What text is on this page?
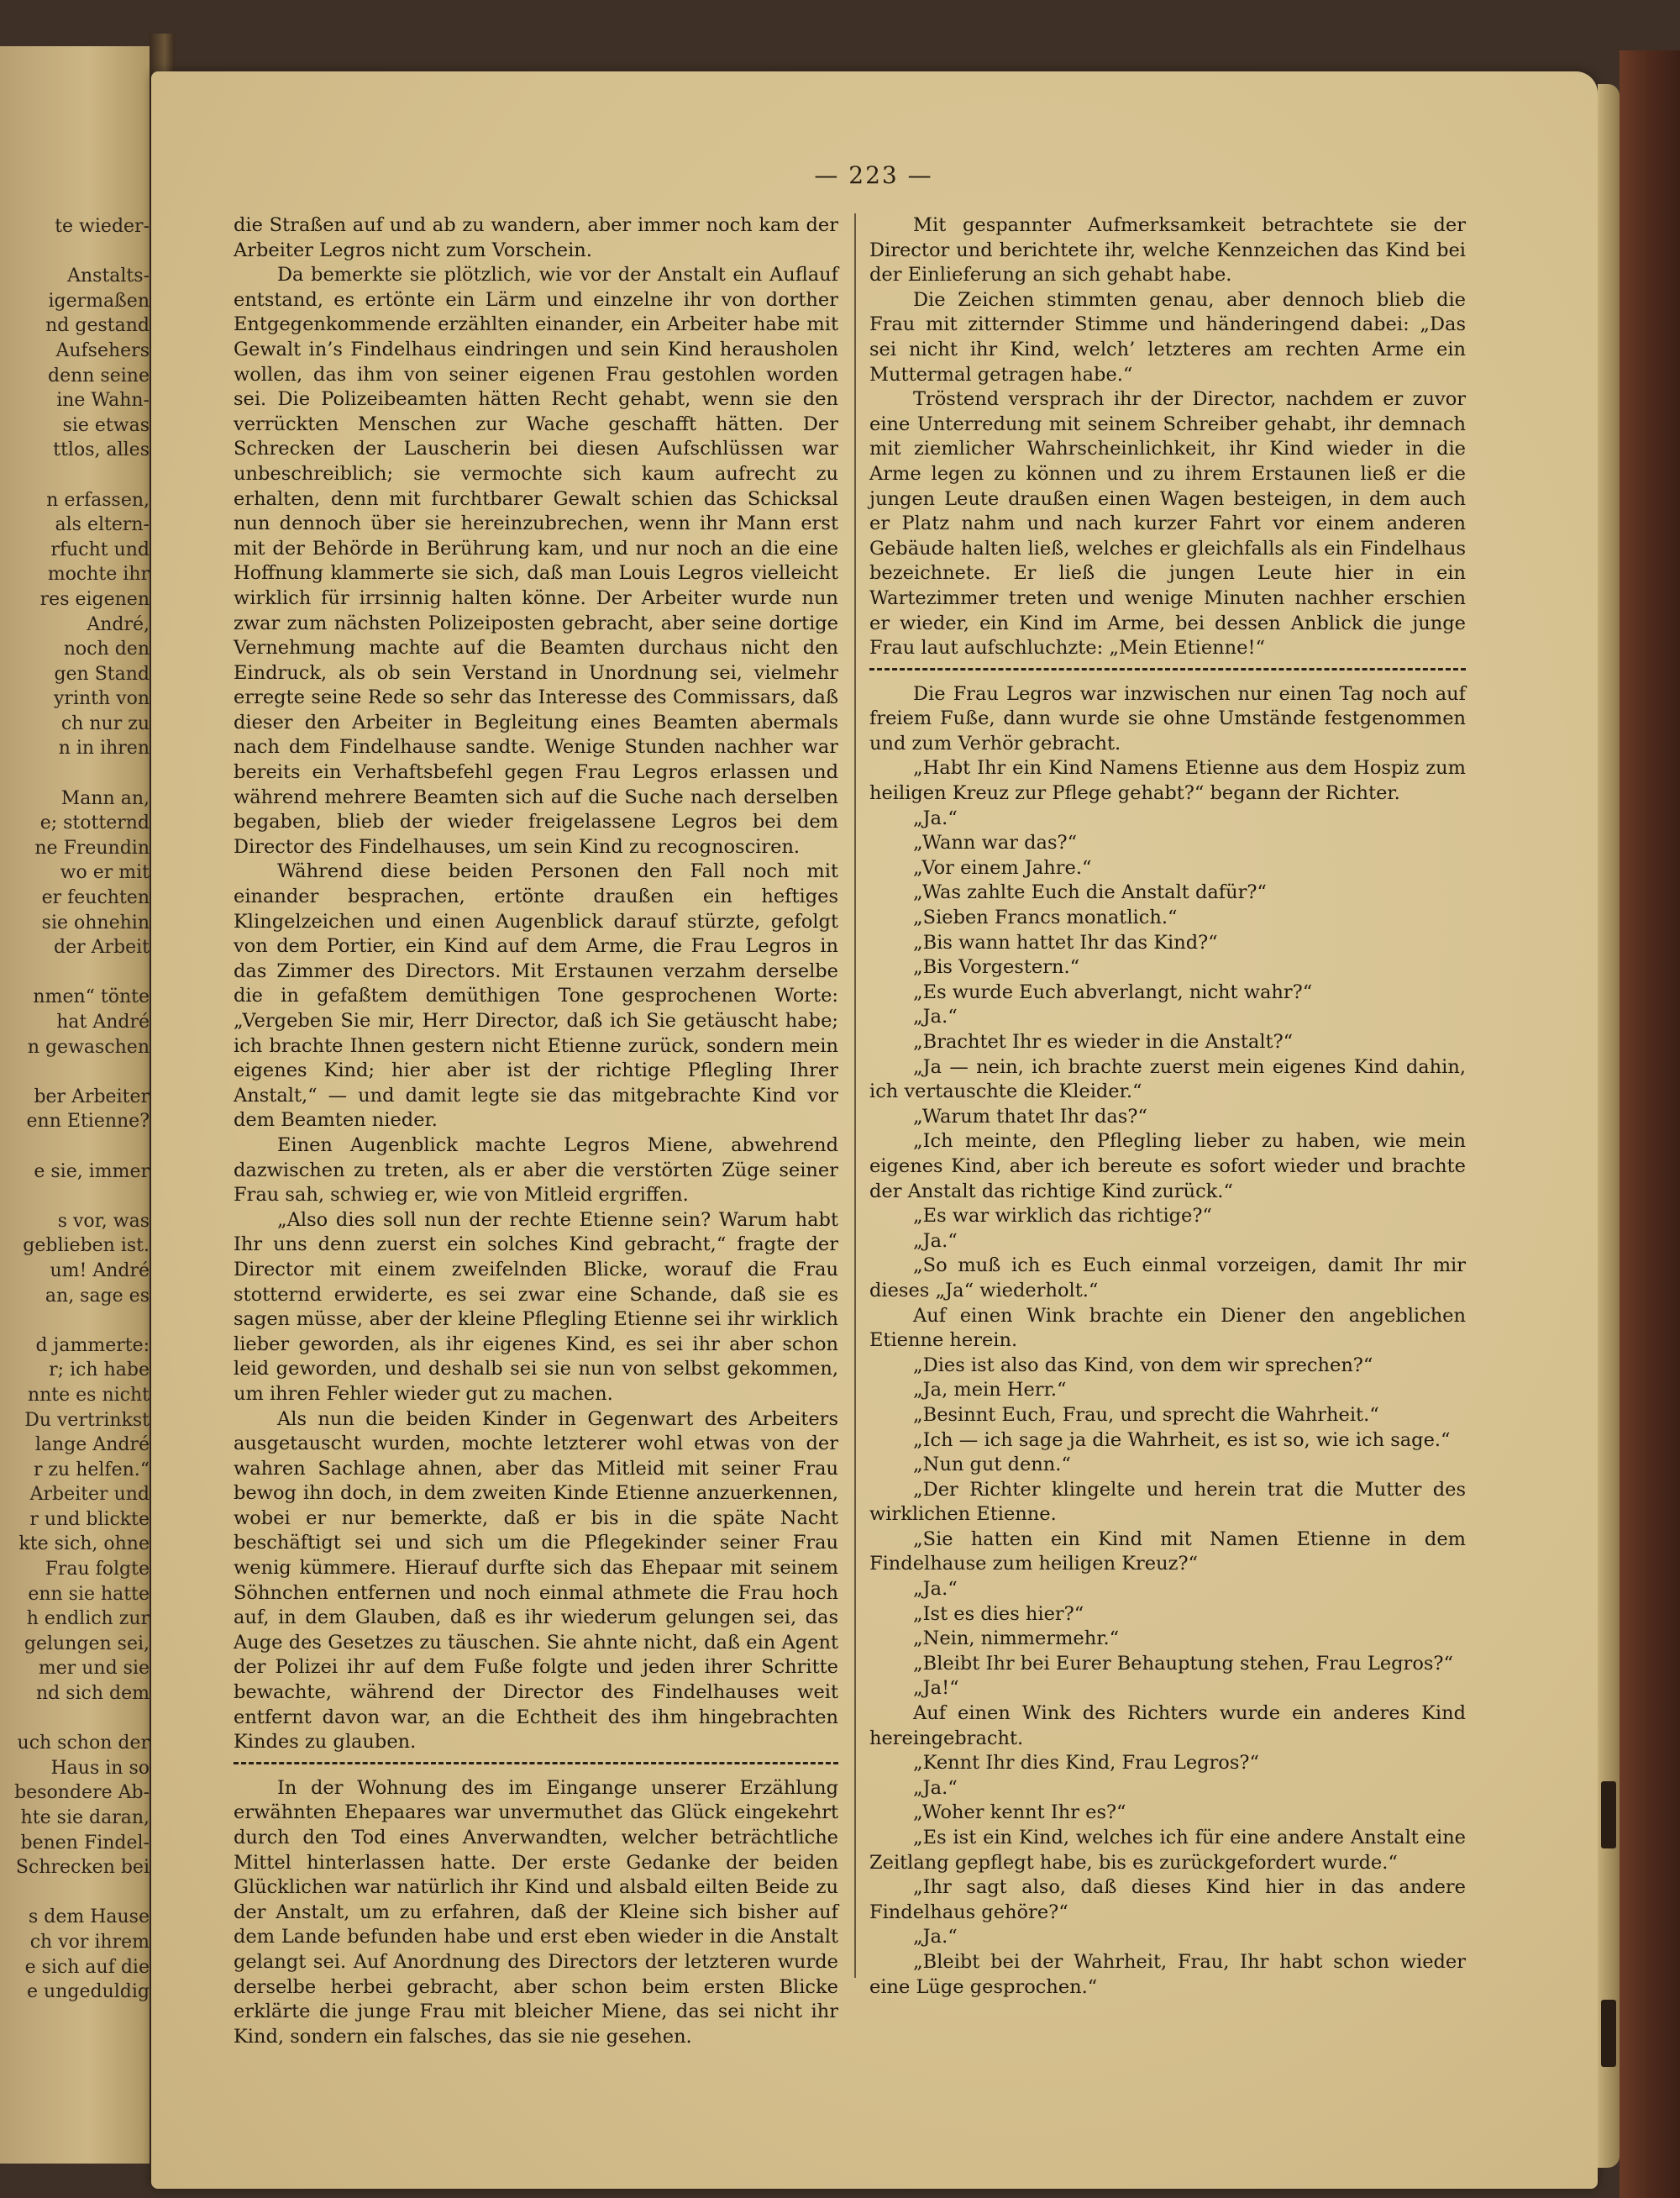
te wieder-

Anstalts-
igermaßen
nd gestand
Aufsehers
denn seine
ine Wahn-
sie etwas
ttlos, alles

n erfassen,
als eltern-
rfucht und
mochte ihr
res eigenen
André,
noch den
gen Stand
yrinth von
ch nur zu
n in ihren

Mann an,
e; stotternd
ne Freundin
wo er mit
er feuchten
sie ohnehin
der Arbeit

nmen“ tönte
hat André
n gewaschen

ber Arbeiter
enn Etienne?

e sie, immer

s vor, was
geblieben ist.
um! André
an, sage es

d jammerte:
r; ich habe
nnte es nicht
Du vertrinkst
lange André
r zu helfen.“
Arbeiter und
r und blickte
kte sich, ohne
Frau folgte
enn sie hatte
h endlich zur
gelungen sei,
mer und sie
nd sich dem

uch schon der
Haus in so
besondere Ab-
hte sie daran,
benen Findel-
Schrecken bei

s dem Hause
ch vor ihrem
e sich auf die
e ungeduldig
— 223 —

die Straßen auf und ab zu wandern, aber immer noch kam der Arbeiter Legros nicht zum Vorschein.

Da bemerkte sie plötzlich, wie vor der Anstalt ein Auflauf entstand, es ertönte ein Lärm und einzelne ihr von dorther Entgegenkommende erzählten einander, ein Arbeiter habe mit Gewalt in’s Findelhaus eindringen und sein Kind herausholen wollen, das ihm von seiner eigenen Frau gestohlen worden sei. Die Polizeibeamten hätten Recht gehabt, wenn sie den verrückten Menschen zur Wache geschafft hätten. Der Schrecken der Lauscherin bei diesen Aufschlüssen war unbeschreiblich; sie vermochte sich kaum aufrecht zu erhalten, denn mit furchtbarer Gewalt schien das Schicksal nun dennoch über sie hereinzubrechen, wenn ihr Mann erst mit der Behörde in Berührung kam, und nur noch an die eine Hoffnung klammerte sie sich, daß man Louis Legros vielleicht wirklich für irrsinnig halten könne. Der Arbeiter wurde nun zwar zum nächsten Polizeiposten gebracht, aber seine dortige Vernehmung machte auf die Beamten durchaus nicht den Eindruck, als ob sein Verstand in Unordnung sei, vielmehr erregte seine Rede so sehr das Interesse des Commissars, daß dieser den Arbeiter in Begleitung eines Beamten abermals nach dem Findelhause sandte. Wenige Stunden nachher war bereits ein Verhaftsbefehl gegen Frau Legros erlassen und während mehrere Beamten sich auf die Suche nach derselben begaben, blieb der wieder freigelassene Legros bei dem Director des Findelhauses, um sein Kind zu recognosciren.

Während diese beiden Personen den Fall noch mit einander besprachen, ertönte draußen ein heftiges Klingelzeichen und einen Augenblick darauf stürzte, gefolgt von dem Portier, ein Kind auf dem Arme, die Frau Legros in das Zimmer des Directors. Mit Erstaunen verzahm derselbe die in gefaßtem demüthigen Tone gesprochenen Worte: „Vergeben Sie mir, Herr Director, daß ich Sie getäuscht habe; ich brachte Ihnen gestern nicht Etienne zurück, sondern mein eigenes Kind; hier aber ist der richtige Pflegling Ihrer Anstalt,“ — und damit legte sie das mitgebrachte Kind vor dem Beamten nieder.

Einen Augenblick machte Legros Miene, abwehrend dazwischen zu treten, als er aber die verstörten Züge seiner Frau sah, schwieg er, wie von Mitleid ergriffen.

„Also dies soll nun der rechte Etienne sein? Warum habt Ihr uns denn zuerst ein solches Kind gebracht,“ fragte der Director mit einem zweifelnden Blicke, worauf die Frau stotternd erwiderte, es sei zwar eine Schande, daß sie es sagen müsse, aber der kleine Pflegling Etienne sei ihr wirklich lieber geworden, als ihr eigenes Kind, es sei ihr aber schon leid geworden, und deshalb sei sie nun von selbst gekommen, um ihren Fehler wieder gut zu machen.

Als nun die beiden Kinder in Gegenwart des Arbeiters ausgetauscht wurden, mochte letzterer wohl etwas von der wahren Sachlage ahnen, aber das Mitleid mit seiner Frau bewog ihn doch, in dem zweiten Kinde Etienne anzuerkennen, wobei er nur bemerkte, daß er bis in die späte Nacht beschäftigt sei und sich um die Pflegekinder seiner Frau wenig kümmere. Hierauf durfte sich das Ehepaar mit seinem Söhnchen entfernen und noch einmal athmete die Frau hoch auf, in dem Glauben, daß es ihr wiederum gelungen sei, das Auge des Gesetzes zu täuschen. Sie ahnte nicht, daß ein Agent der Polizei ihr auf dem Fuße folgte und jeden ihrer Schritte bewachte, während der Director des Findelhauses weit entfernt davon war, an die Echtheit des ihm hingebrachten Kindes zu glauben.

In der Wohnung des im Eingange unserer Erzählung erwähnten Ehepaares war unvermuthet das Glück eingekehrt durch den Tod eines Anverwandten, welcher beträchtliche Mittel hinterlassen hatte. Der erste Gedanke der beiden Glücklichen war natürlich ihr Kind und alsbald eilten Beide zu der Anstalt, um zu erfahren, daß der Kleine sich bisher auf dem Lande befunden habe und erst eben wieder in die Anstalt gelangt sei. Auf Anordnung des Directors der letzteren wurde derselbe herbei gebracht, aber schon beim ersten Blicke erklärte die junge Frau mit bleicher Miene, das sei nicht ihr Kind, sondern ein falsches, das sie nie gesehen.

Mit gespannter Aufmerksamkeit betrachtete sie der Director und berichtete ihr, welche Kennzeichen das Kind bei der Einlieferung an sich gehabt habe.

Die Zeichen stimmten genau, aber dennoch blieb die Frau mit zitternder Stimme und händeringend dabei: „Das sei nicht ihr Kind, welch’ letzteres am rechten Arme ein Muttermal getragen habe.“

Tröstend versprach ihr der Director, nachdem er zuvor eine Unterredung mit seinem Schreiber gehabt, ihr demnach mit ziemlicher Wahrscheinlichkeit, ihr Kind wieder in die Arme legen zu können und zu ihrem Erstaunen ließ er die jungen Leute draußen einen Wagen besteigen, in dem auch er Platz nahm und nach kurzer Fahrt vor einem anderen Gebäude halten ließ, welches er gleichfalls als ein Findelhaus bezeichnete. Er ließ die jungen Leute hier in ein Wartezimmer treten und wenige Minuten nachher erschien er wieder, ein Kind im Arme, bei dessen Anblick die junge Frau laut aufschluchzte: „Mein Etienne!“

Die Frau Legros war inzwischen nur einen Tag noch auf freiem Fuße, dann wurde sie ohne Umstände festgenommen und zum Verhör gebracht.

„Habt Ihr ein Kind Namens Etienne aus dem Hospiz zum heiligen Kreuz zur Pflege gehabt?“ begann der Richter.

„Ja.“

„Wann war das?“

„Vor einem Jahre.“

„Was zahlte Euch die Anstalt dafür?“

„Sieben Francs monatlich.“

„Bis wann hattet Ihr das Kind?“

„Bis Vorgestern.“

„Es wurde Euch abverlangt, nicht wahr?“

„Ja.“

„Brachtet Ihr es wieder in die Anstalt?“

„Ja — nein, ich brachte zuerst mein eigenes Kind dahin, ich vertauschte die Kleider.“

„Warum thatet Ihr das?“

„Ich meinte, den Pflegling lieber zu haben, wie mein eigenes Kind, aber ich bereute es sofort wieder und brachte der Anstalt das richtige Kind zurück.“

„Es war wirklich das richtige?“

„Ja.“

„So muß ich es Euch einmal vorzeigen, damit Ihr mir dieses „Ja“ wiederholt.“

Auf einen Wink brachte ein Diener den angeblichen Etienne herein.

„Dies ist also das Kind, von dem wir sprechen?“

„Ja, mein Herr.“

„Besinnt Euch, Frau, und sprecht die Wahrheit.“

„Ich — ich sage ja die Wahrheit, es ist so, wie ich sage.“

„Nun gut denn.“

„Der Richter klingelte und herein trat die Mutter des wirklichen Etienne.

„Sie hatten ein Kind mit Namen Etienne in dem Findelhause zum heiligen Kreuz?“

„Ja.“

„Ist es dies hier?“

„Nein, nimmermehr.“

„Bleibt Ihr bei Eurer Behauptung stehen, Frau Legros?“

„Ja!“

Auf einen Wink des Richters wurde ein anderes Kind hereingebracht.

„Kennt Ihr dies Kind, Frau Legros?“

„Ja.“

„Woher kennt Ihr es?“

„Es ist ein Kind, welches ich für eine andere Anstalt eine Zeitlang gepflegt habe, bis es zurückgefordert wurde.“

„Ihr sagt also, daß dieses Kind hier in das andere Findelhaus gehöre?“

„Ja.“

„Bleibt bei der Wahrheit, Frau, Ihr habt schon wieder eine Lüge gesprochen.“
